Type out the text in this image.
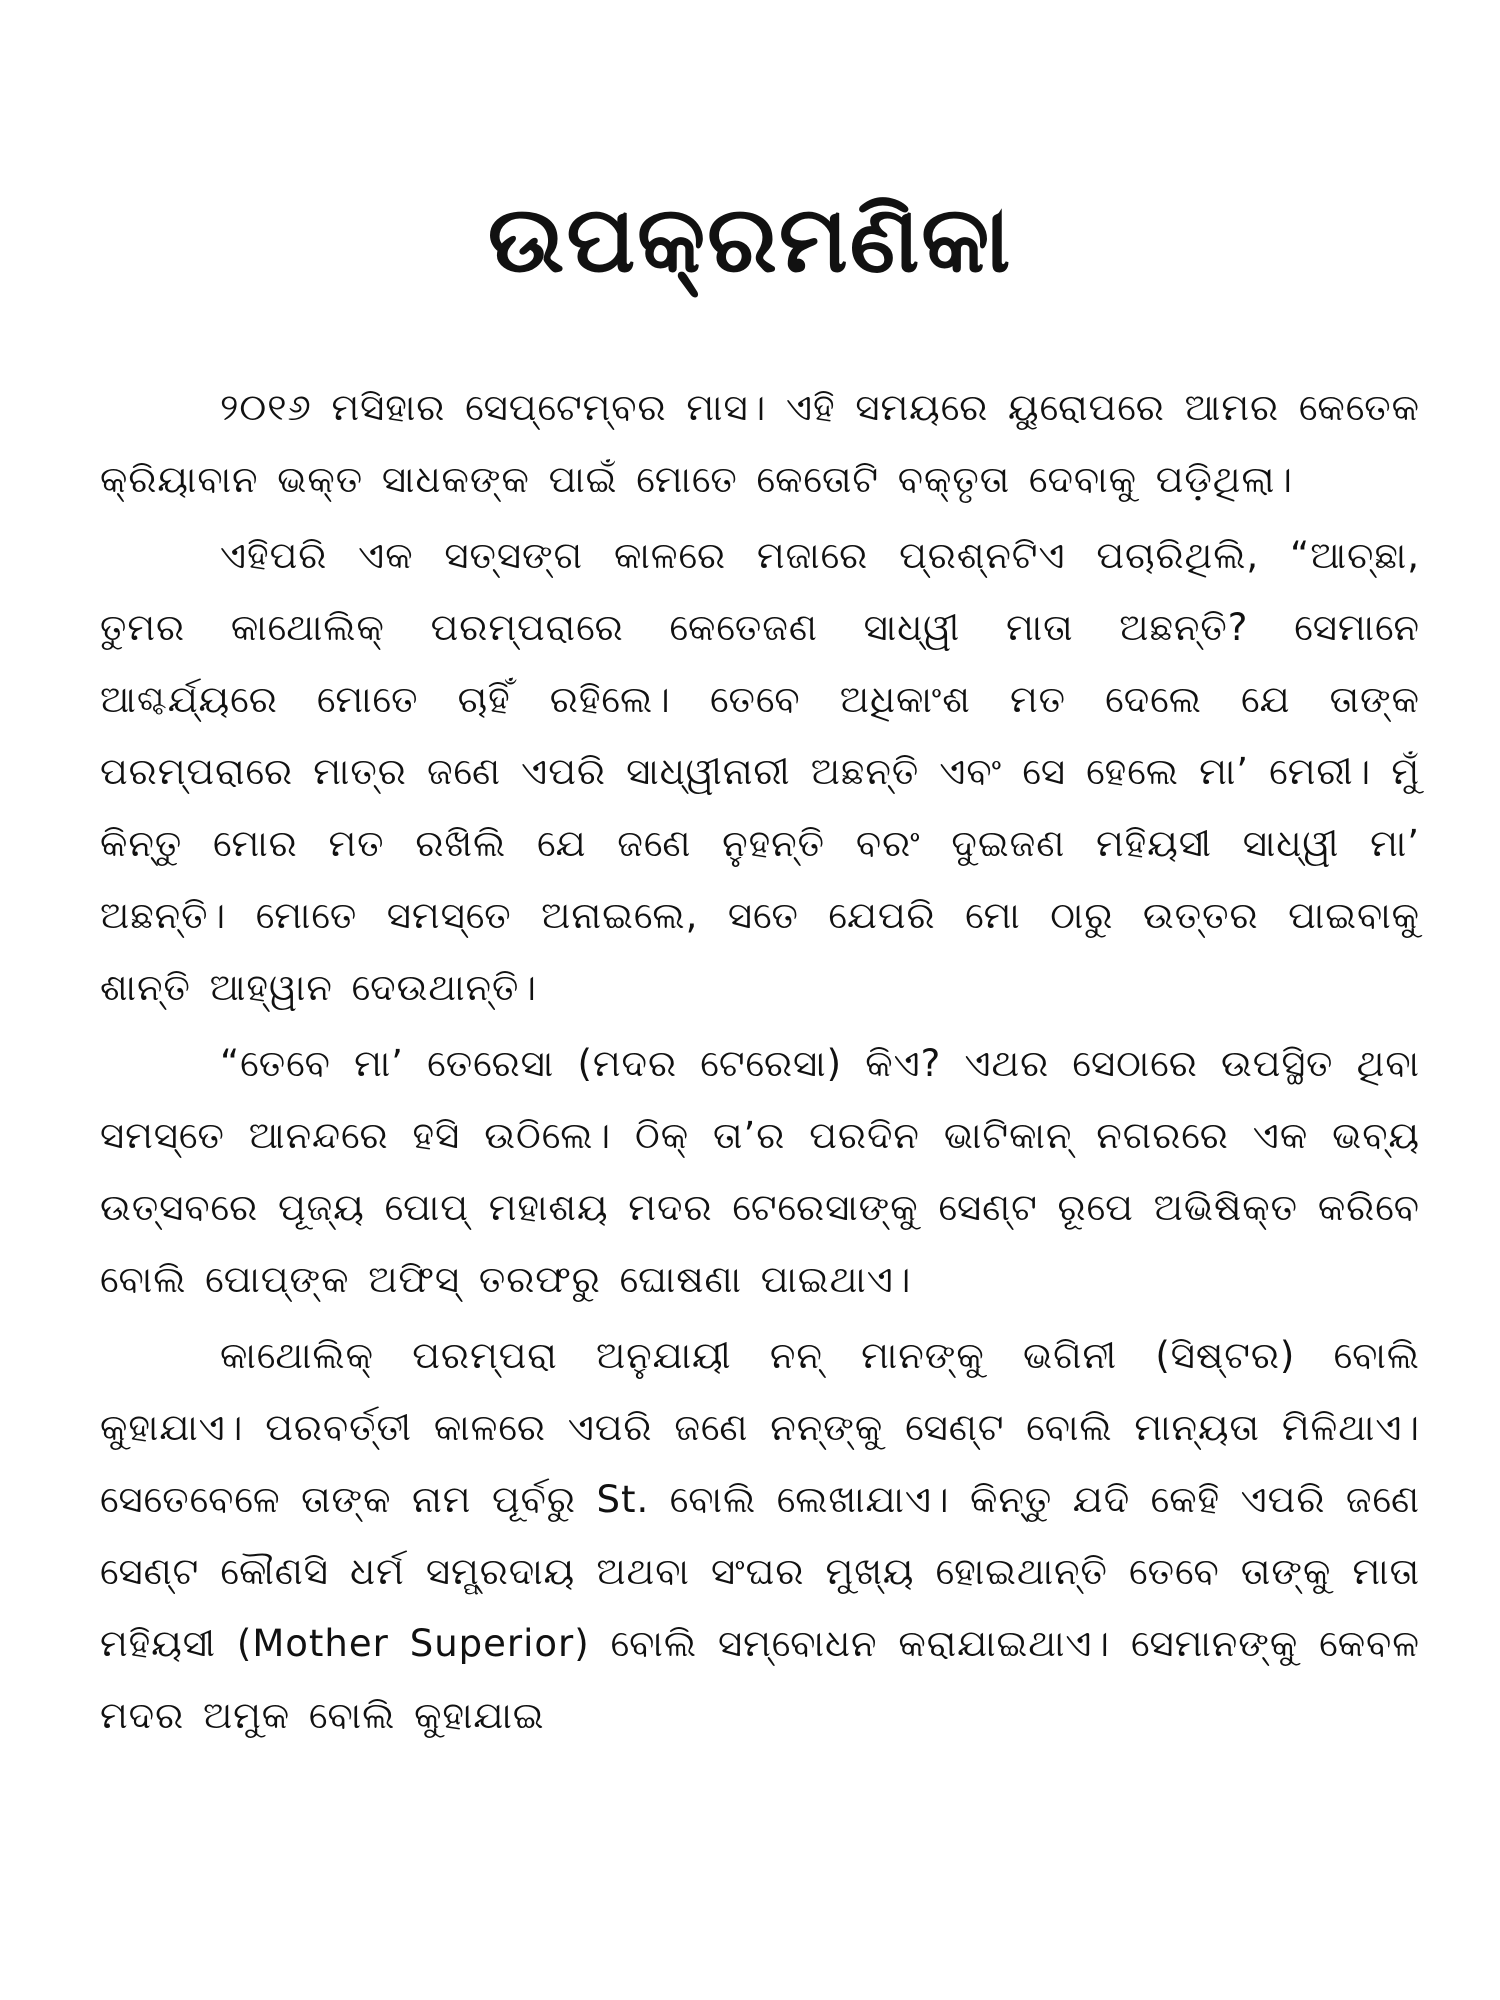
ଉପକ୍ରମଣିକା

୨୦୧୬ ମସିହାର ସେପ୍ଟେମ୍ବର ମାସ। ଏହି ସମୟରେ ୟୁରୋପରେ ଆମର କେତେକ କ୍ରିୟାବାନ ଭକ୍ତ ସାଧକଙ୍କ ପାଇଁ ମୋତେ କେତୋଟି ବକ୍ତୃତା ଦେବାକୁ ପଡ଼ିଥିଲା।

ଏହିପରି ଏକ ସତ୍‌ସଙ୍ଗ କାଳରେ ମଜାରେ ପ୍ରଶ୍ନଟିଏ ପଚାରିଥିଲି, “ଆଚ୍ଛା, ତୁମର କାଥୋଲିକ୍ ପରମ୍ପରାରେ କେତେଜଣ ସାଧ୍ୱୀ ମାତା ଅଛନ୍ତି? ସେମାନେ ଆଶ୍ଚର୍ଯ୍ୟରେ ମୋତେ ଚାହିଁ ରହିଲେ। ତେବେ ଅଧିକାଂଶ ମତ ଦେଲେ ଯେ ତାଙ୍କ ପରମ୍ପରାରେ ମାତ୍ର ଜଣେ ଏପରି ସାଧ୍ୱୀନାରୀ ଅଛନ୍ତି ଏବଂ ସେ ହେଲେ ମା’ ମେରୀ। ମୁଁ କିନ୍ତୁ ମୋର ମତ ରଖିଲି ଯେ ଜଣେ ନୁହନ୍ତି ବରଂ ଦୁଇଜଣ ମହିୟସୀ ସାଧ୍ୱୀ ମା’ ଅଛନ୍ତି। ମୋତେ ସମସ୍ତେ ଅନାଇଲେ, ସତେ ଯେପରି ମୋ ଠାରୁ ଉତ୍ତର ପାଇବାକୁ ଶାନ୍ତି ଆହ୍ୱାନ ଦେଉଥାନ୍ତି।

“ତେବେ ମା’ ତେରେସା (ମଦର ଟେରେସା) କିଏ? ଏଥର ସେଠାରେ ଉପସ୍ଥିତ ଥିବା ସମସ୍ତେ ଆନନ୍ଦରେ ହସି ଉଠିଲେ। ଠିକ୍ ତା’ର ପରଦିନ ଭାଟିକାନ୍ ନଗରରେ ଏକ ଭବ୍ୟ ଉତ୍ସବରେ ପୂଜ୍ୟ ପୋପ୍ ମହାଶୟ ମଦର ଟେରେସାଙ୍କୁ ସେଣ୍ଟ ରୂପେ ଅଭିଷିକ୍ତ କରିବେ ବୋଲି ପୋପ୍‌ଙ୍କ ଅଫିସ୍ ତରଫରୁ ଘୋଷଣା ପାଇଥାଏ।

କାଥୋଲିକ୍ ପରମ୍ପରା ଅନୁଯାୟୀ ନନ୍ ମାନଙ୍କୁ ଭଗିନୀ (ସିଷ୍ଟର) ବୋଲି କୁହାଯାଏ। ପରବର୍ତ୍ତୀ କାଳରେ ଏପରି ଜଣେ ନନ୍‌ଙ୍କୁ ସେଣ୍ଟ ବୋଲି ମାନ୍ୟତା ମିଳିଥାଏ। ସେତେବେଳେ ତାଙ୍କ ନାମ ପୂର୍ବରୁ St. ବୋଲି ଲେଖାଯାଏ। କିନ୍ତୁ ଯଦି କେହି ଏପରି ଜଣେ ସେଣ୍ଟ କୌଣସି ଧର୍ମ ସମ୍ପ୍ରଦାୟ ଅଥବା ସଂଘର ମୁଖ୍ୟ ହୋଇଥାନ୍ତି ତେବେ ତାଙ୍କୁ ମାତା ମହିୟସୀ (Mother Superior) ବୋଲି ସମ୍ବୋଧନ କରାଯାଇଥାଏ। ସେମାନଙ୍କୁ କେବଳ ମଦର ଅମୁକ ବୋଲି କୁହାଯାଇ
